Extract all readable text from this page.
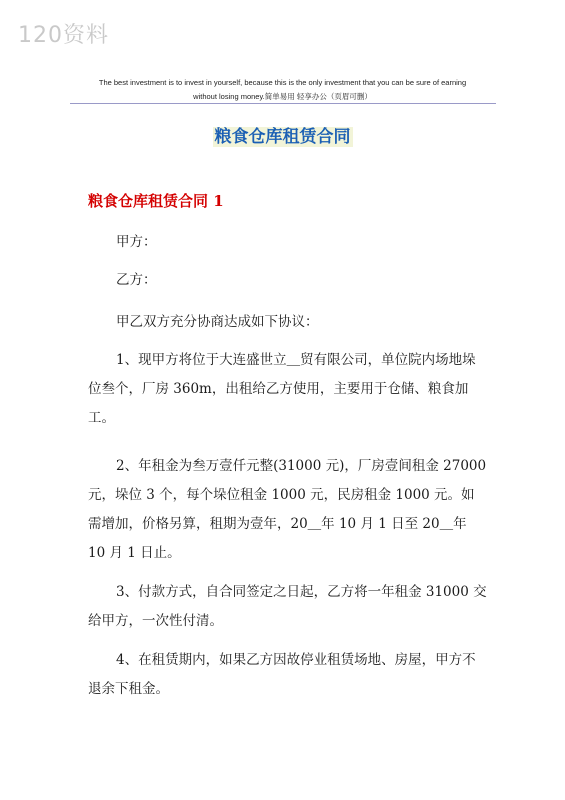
120资料
The best investment is to invest in yourself, because this is the only investment that you can be sure of earning
without losing money.简单易用 轻享办公（页眉可删）
粮食仓库租赁合同
粮食仓库租赁合同 1
甲方：
乙方：
甲乙双方充分协商达成如下协议：
1、现甲方将位于大连盛世立＿贸有限公司，单位院内场地垛位叁个，厂房 360m，出租给乙方使用，主要用于仓储、粮食加工。
2、年租金为叁万壹仟元整(31000 元)，厂房壹间租金 27000 元，垛位 3 个，每个垛位租金 1000 元，民房租金 1000 元。如需增加，价格另算，租期为壹年，20＿年 10 月 1 日至 20＿年 10 月 1 日止。
3、付款方式，自合同签定之日起，乙方将一年租金 31000 交给甲方，一次性付清。
4、在租赁期内，如果乙方因故停业租赁场地、房屋，甲方不退余下租金。
